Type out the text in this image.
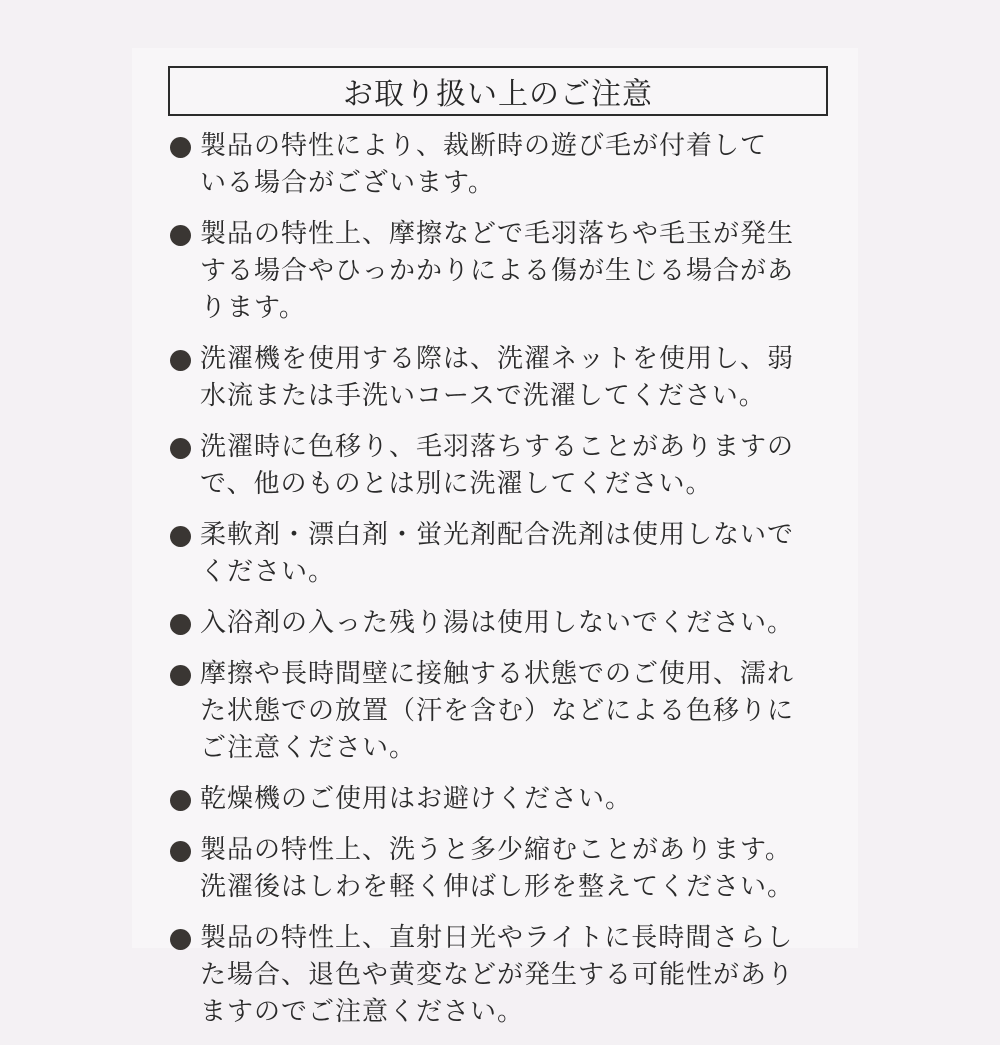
お取り扱い上のご注意
製品の特性により、裁断時の遊び毛が付着して
いる場合がございます。
製品の特性上、摩擦などで毛羽落ちや毛玉が発生
する場合やひっかかりによる傷が生じる場合があ
ります。
洗濯機を使用する際は、洗濯ネットを使用し、弱
水流または手洗いコースで洗濯してください。
洗濯時に色移り、毛羽落ちすることがありますの
で、他のものとは別に洗濯してください。
柔軟剤・漂白剤・蛍光剤配合洗剤は使用しないで
ください。
入浴剤の入った残り湯は使用しないでください。
摩擦や長時間壁に接触する状態でのご使用、濡れ
た状態での放置（汗を含む）などによる色移りに
ご注意ください。
乾燥機のご使用はお避けください。
製品の特性上、洗うと多少縮むことがあります。
洗濯後はしわを軽く伸ばし形を整えてください。
製品の特性上、直射日光やライトに長時間さらし
た場合、退色や黄変などが発生する可能性があり
ますのでご注意ください。
